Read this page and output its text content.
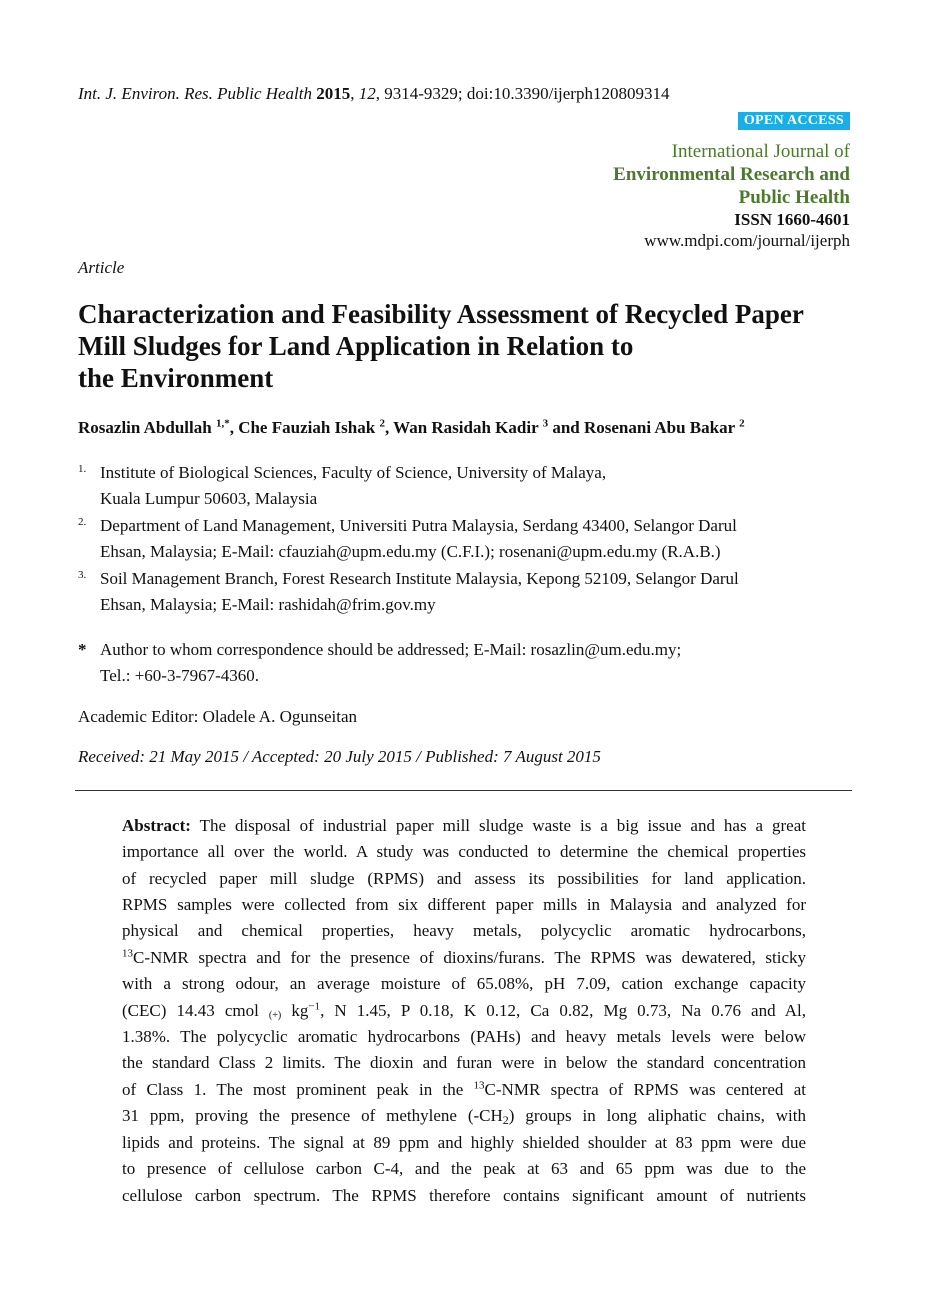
Int. J. Environ. Res. Public Health 2015, 12, 9314-9329; doi:10.3390/ijerph120809314
OPEN ACCESS
International Journal of
Environmental Research and
Public Health
ISSN 1660-4601
www.mdpi.com/journal/ijerph
Article
Characterization and Feasibility Assessment of Recycled Paper
Mill Sludges for Land Application in Relation to
the Environment
Rosazlin Abdullah $^{1,*}$, Che Fauziah Ishak $^2$, Wan Rasidah Kadir $^3$ and Rosenani Abu Bakar $^2$
1. Institute of Biological Sciences, Faculty of Science, University of Malaya,
Kuala Lumpur 50603, Malaysia
2. Department of Land Management, Universiti Putra Malaysia, Serdang 43400, Selangor Darul
Ehsan, Malaysia; E-Mail: cfauziah@upm.edu.my (C.F.I.); rosenani@upm.edu.my (R.A.B.)
3. Soil Management Branch, Forest Research Institute Malaysia, Kepong 52109, Selangor Darul
Ehsan, Malaysia; E-Mail: rashidah@frim.gov.my
* Author to whom correspondence should be addressed; E-Mail: rosazlin@um.edu.my;
Tel.: +60-3-7967-4360.
Academic Editor: Oladele A. Ogunseitan
Received: 21 May 2015 / Accepted: 20 July 2015 / Published: 7 August 2015
Abstract: The disposal of industrial paper mill sludge waste is a big issue and has a great
importance all over the world. A study was conducted to determine the chemical properties
of recycled paper mill sludge (RPMS) and assess its possibilities for land application.
RPMS samples were collected from six different paper mills in Malaysia and analyzed for
physical and chemical properties, heavy metals, polycyclic aromatic hydrocarbons,
$^{13}$C-NMR spectra and for the presence of dioxins/furans. The RPMS was dewatered, sticky
with a strong odour, an average moisture of 65.08%, pH 7.09, cation exchange capacity
(CEC) 14.43 cmol $_{(+)}$ $kg^{-1}$, N 1.45, P 0.18, K 0.12, Ca 0.82, Mg 0.73, Na 0.76 and Al,
1.38%. The polycyclic aromatic hydrocarbons (PAHs) and heavy metals levels were below
the standard Class 2 limits. The dioxin and furan were in below the standard concentration
of Class 1. The most prominent peak in the $^{13}$C-NMR spectra of RPMS was centered at
31 ppm, proving the presence of methylene (-CH2) groups in long aliphatic chains, with
lipids and proteins. The signal at 89 ppm and highly shielded shoulder at 83 ppm were due
to presence of cellulose carbon C-4, and the peak at 63 and 65 ppm was due to the
cellulose carbon spectrum. The RPMS therefore contains significant amount of nutrients
